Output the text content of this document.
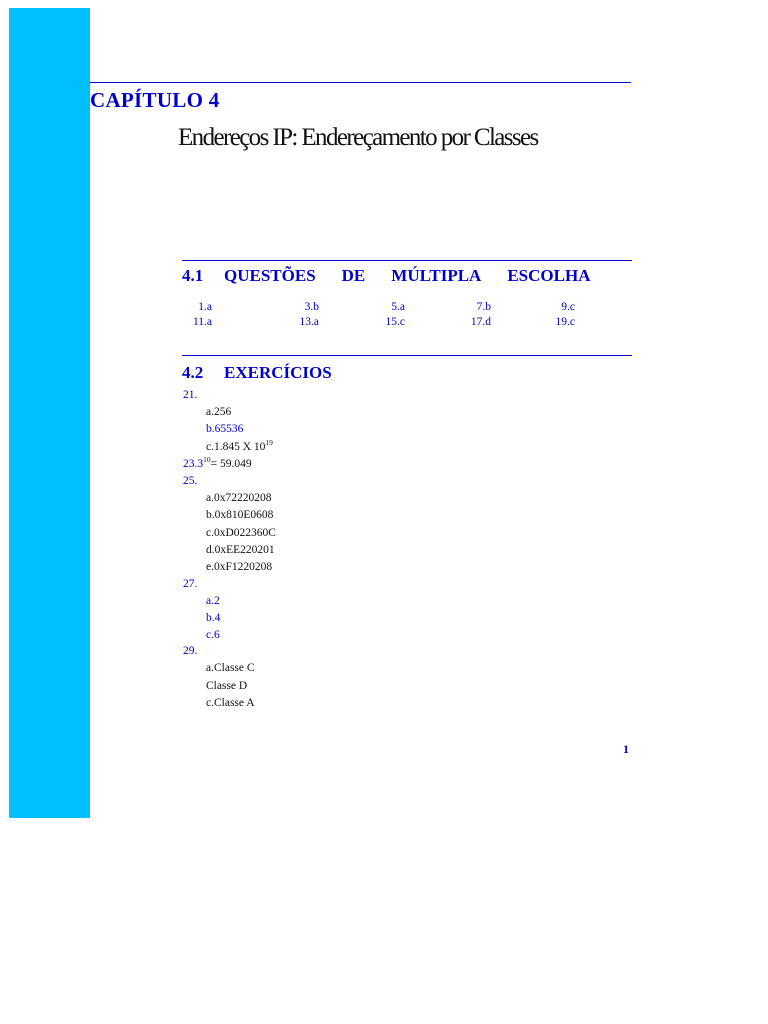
CAPÍTULO 4
Endereços IP: Endereçamento por Classes
4.1 QUESTÕES DE MÚLTIPLA ESCOLHA
1.a	3.b	5.a	7.b	9.c
11.a	13.a	15.c	17.d	19.c
4.2 EXERCÍCIOS
21.
a.256
b.65536
c.1.845 X $10^{19}$
$23.3^{10}= 59.049$
25.
a.0x72220208
b.0x810E0608
c.0xD022360C
d.0xEE220201
e.0xF1220208
27.
a.2
b.4
c.6
29.
a.Classe C
Classe D
c.Classe A
1
